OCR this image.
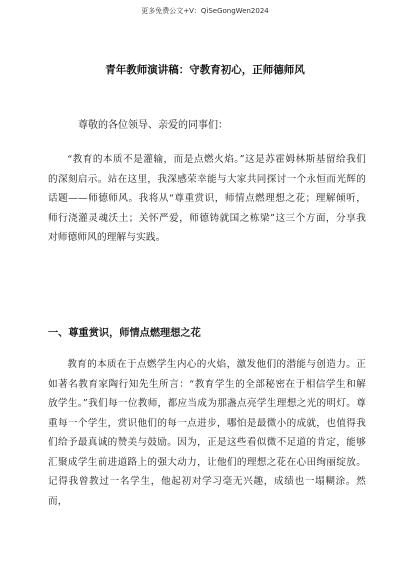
更多免费公文+V：QiSeGongWen2024
青年教师演讲稿：守教育初心，正师德师风
尊敬的各位领导、亲爱的同事们：

“教育的本质不是灌输，而是点燃火焰。”这是苏霍姆林斯基留给我们的深刻启示。站在这里，我深感荣幸能与大家共同探讨一个永恒而光辉的话题——师德师风。我将从“尊重赏识，师情点燃理想之花；理解倾听，师行浇灌灵魂沃土；关怀严爱，师德铸就国之栋梁”这三个方面，分享我对师德师风的理解与实践。

一、尊重赏识，师情点燃理想之花

教育的本质在于点燃学生内心的火焰，激发他们的潜能与创造力。正如著名教育家陶行知先生所言：“教育学生的全部秘密在于相信学生和解放学生。”我们每一位教师，都应当成为那盏点亮学生理想之光的明灯。尊重每一个学生，赏识他们的每一点进步，哪怕是最微小的成就，也值得我们给予最真诚的赞美与鼓励。因为，正是这些看似微不足道的肯定，能够汇聚成学生前进道路上的强大动力，让他们的理想之花在心田绚丽绽放。记得我曾教过一名学生，他起初对学习毫无兴趣，成绩也一塌糊涂。然而，
